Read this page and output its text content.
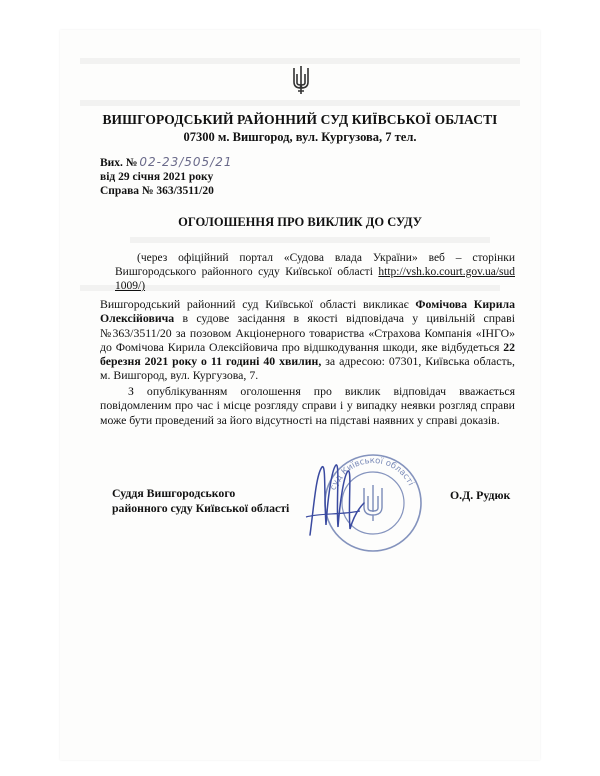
ВИШГОРОДСЬКИЙ РАЙОННИЙ СУД КИЇВСЬКОЇ ОБЛАСТІ
07300 м. Вишгород, вул. Кургузова, 7 тел.
Вих. № 02-23/505/21
від 29 січня 2021 року
Справа № 363/3511/20
ОГОЛОШЕННЯ ПРО ВИКЛИК ДО СУДУ
(через офіційний портал «Судова влада України» веб – сторінки Вишгородського районного суду Київської області http://vsh.ko.court.gov.ua/sud 1009/)
Вишгородський районний суд Київської області викликає Фомічова Кирила Олексійовича в судове засідання в якості відповідача у цивільній справі №363/3511/20 за позовом Акціонерного товариства «Страхова Компанія «ІНГО» до Фомічова Кирила Олексійовича про відшкодування шкоди, яке відбудеться 22 березня 2021 року о 11 годині 40 хвилин, за адресою: 07301, Київська область, м. Вишгород, вул. Кургузова, 7.
З опублікуванням оголошення про виклик відповідач вважається повідомленим про час і місце розгляду справи і у випадку неявки розгляд справи може бути проведений за його відсутності на підставі наявних у справі доказів.
Суддя Вишгородського
районного суду Київської області
суд Київської області
О.Д. Рудюк
